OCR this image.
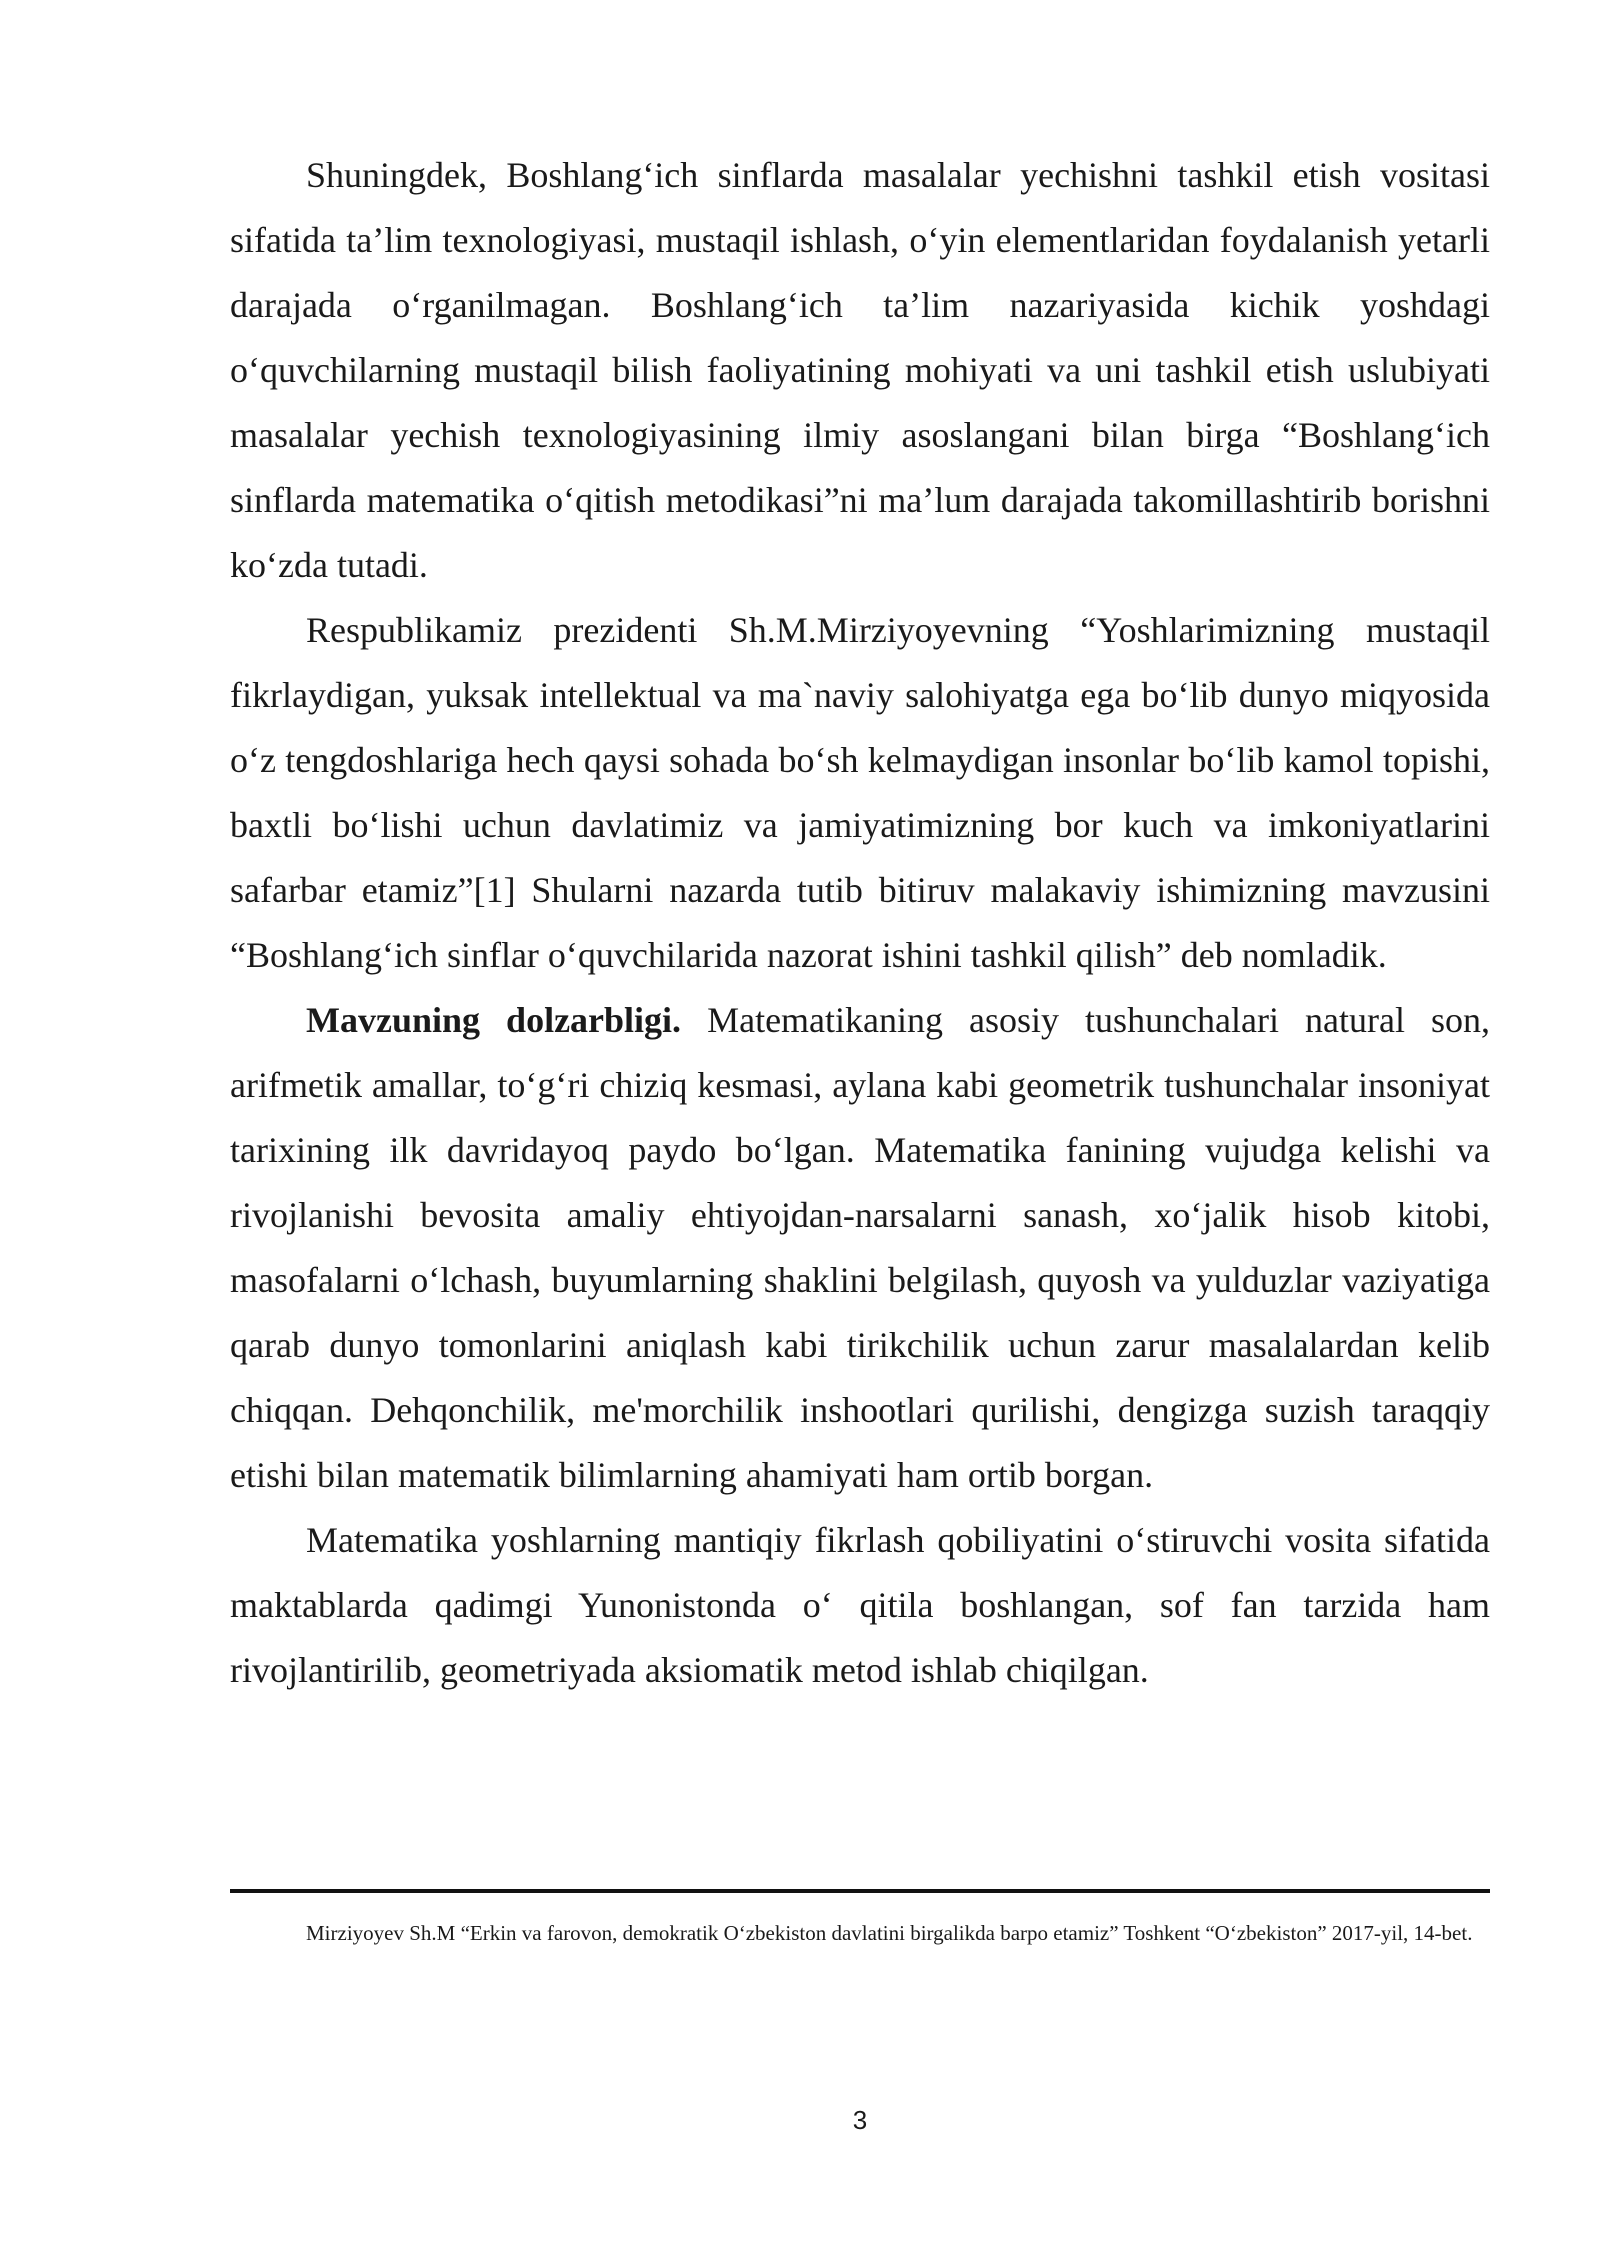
Shuningdek, Boshlang‘ich sinflarda masalalar yechishni tashkil etish vositasi sifatida ta’lim texnologiyasi, mustaqil ishlash, o‘yin elementlaridan foydalanish yetarli darajada o‘rganilmagan. Boshlang‘ich ta’lim nazariyasida kichik yoshdagi o‘quvchilarning mustaqil bilish faoliyatining mohiyati va uni tashkil etish uslubiyati masalalar yechish texnologiyasining ilmiy asoslangani bilan birga “Boshlang‘ich sinflarda matematika o‘qitish metodikasi”ni ma’lum darajada takomillashtirib borishni ko‘zda tutadi.

Respublikamiz prezidenti Sh.M.Mirziyoyevning “Yoshlarimizning mustaqil fikrlaydigan, yuksak intellektual va ma`naviy salohiyatga ega bo‘lib dunyo miqyosida o‘z tengdoshlariga hech qaysi sohada bo‘sh kelmaydigan insonlar bo‘lib kamol topishi, baxtli bo‘lishi uchun davlatimiz va jamiyatimizning bor kuch va imkoniyatlarini safarbar etamiz”[1] Shularni nazarda tutib bitiruv malakaviy ishimizning mavzusini “Boshlang‘ich sinflar o‘quvchilarida nazorat ishini tashkil qilish” deb nomladik.

Mavzuning dolzarbligi. Matematikaning asosiy tushunchalari natural son, arifmetik amallar, to‘g‘ri chiziq kesmasi, aylana kabi geometrik tushunchalar insoniyat tarixining ilk davridayoq paydo bo‘lgan. Matematika fanining vujudga kelishi va rivojlanishi bevosita amaliy ehtiyojdan-narsalarni sanash, xo‘jalik hisob kitobi, masofalarni o‘lchash, buyumlarning shaklini belgilash, quyosh va yulduzlar vaziyatiga qarab dunyo tomonlarini aniqlash kabi tirikchilik uchun zarur masalalardan kelib chiqqan. Dehqonchilik, me'morchilik inshootlari qurilishi, dengizga suzish taraqqiy etishi bilan matematik bilimlarning ahamiyati ham ortib borgan.

Matematika yoshlarning mantiqiy fikrlash qobiliyatini o‘stiruvchi vosita sifatida maktablarda qadimgi Yunonistonda o‘ qitila boshlangan, sof fan tarzida ham rivojlantirilib, geometriyada aksiomatik metod ishlab chiqilgan.

Mirziyoyev Sh.M “Erkin va farovon, demokratik O‘zbekiston davlatini birgalikda barpo etamiz” Toshkent “O‘zbekiston” 2017-yil, 14-bet.

3
